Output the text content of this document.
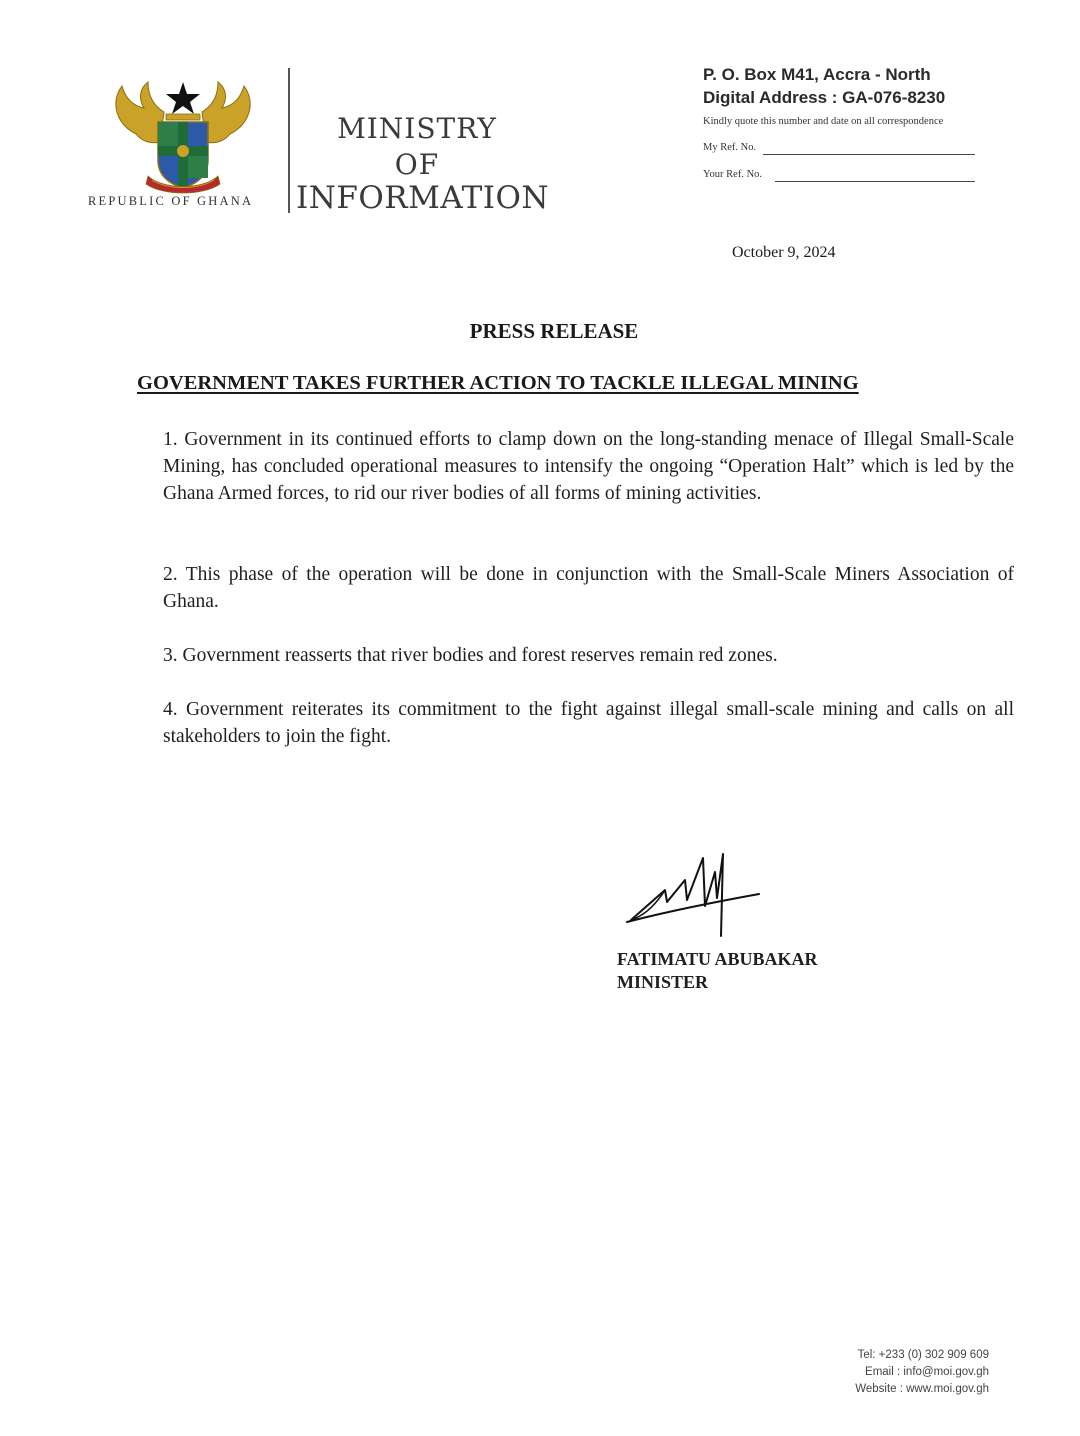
REPUBLIC OF GHANA
MINISTRY
OF
INFORMATION
P. O. Box M41, Accra - North
Digital Address : GA-076-8230
Kindly quote this number and date on all correspondence
My Ref. No.
Your Ref. No.
October 9, 2024
PRESS RELEASE
GOVERNMENT TAKES FURTHER ACTION TO TACKLE ILLEGAL MINING
1. Government in its continued efforts to clamp down on the long-standing menace of Illegal Small-Scale Mining, has concluded operational measures to intensify the ongoing “Operation Halt” which is led by the Ghana Armed forces, to rid our river bodies of all forms of mining activities.
2. This phase of the operation will be done in conjunction with the Small-Scale Miners Association of Ghana.
3. Government reasserts that river bodies and forest reserves remain red zones.
4. Government reiterates its commitment to the fight against illegal small-scale mining and calls on all stakeholders to join the fight.
FATIMATU ABUBAKAR
MINISTER
Tel: +233 (0) 302 909 609
Email : info@moi.gov.gh
Website : www.moi.gov.gh
